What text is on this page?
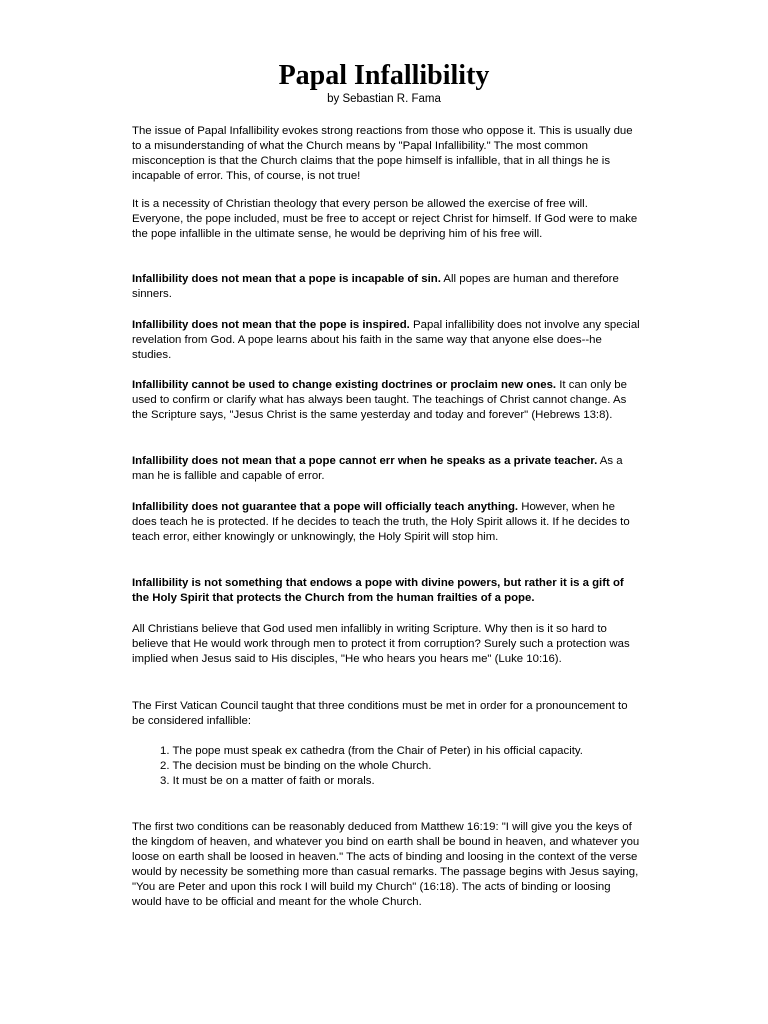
Papal Infallibility

by Sebastian R. Fama

The issue of Papal Infallibility evokes strong reactions from those who oppose it. This is usually due to a misunderstanding of what the Church means by "Papal Infallibility." The most common misconception is that the Church claims that the pope himself is infallible, that in all things he is incapable of error. This, of course, is not true!

It is a necessity of Christian theology that every person be allowed the exercise of free will. Everyone, the pope included, must be free to accept or reject Christ for himself. If God were to make the pope infallible in the ultimate sense, he would be depriving him of his free will.

Infallibility does not mean that a pope is incapable of sin. All popes are human and therefore sinners.

Infallibility does not mean that the pope is inspired. Papal infallibility does not involve any special revelation from God. A pope learns about his faith in the same way that anyone else does--he studies.

Infallibility cannot be used to change existing doctrines or proclaim new ones. It can only be used to confirm or clarify what has always been taught. The teachings of Christ cannot change. As the Scripture says, "Jesus Christ is the same yesterday and today and forever" (Hebrews 13:8).

Infallibility does not mean that a pope cannot err when he speaks as a private teacher. As a man he is fallible and capable of error.

Infallibility does not guarantee that a pope will officially teach anything. However, when he does teach he is protected. If he decides to teach the truth, the Holy Spirit allows it. If he decides to teach error, either knowingly or unknowingly, the Holy Spirit will stop him.

Infallibility is not something that endows a pope with divine powers, but rather it is a gift of the Holy Spirit that protects the Church from the human frailties of a pope.

All Christians believe that God used men infallibly in writing Scripture. Why then is it so hard to believe that He would work through men to protect it from corruption? Surely such a protection was implied when Jesus said to His disciples, "He who hears you hears me" (Luke 10:16).

The First Vatican Council taught that three conditions must be met in order for a pronouncement to be considered infallible:

1. The pope must speak ex cathedra (from the Chair of Peter) in his official capacity.
2. The decision must be binding on the whole Church.
3. It must be on a matter of faith or morals.

The first two conditions can be reasonably deduced from Matthew 16:19: "I will give you the keys of the kingdom of heaven, and whatever you bind on earth shall be bound in heaven, and whatever you loose on earth shall be loosed in heaven." The acts of binding and loosing in the context of the verse would by necessity be something more than casual remarks. The passage begins with Jesus saying, "You are Peter and upon this rock I will build my Church" (16:18). The acts of binding or loosing would have to be official and meant for the whole Church.
